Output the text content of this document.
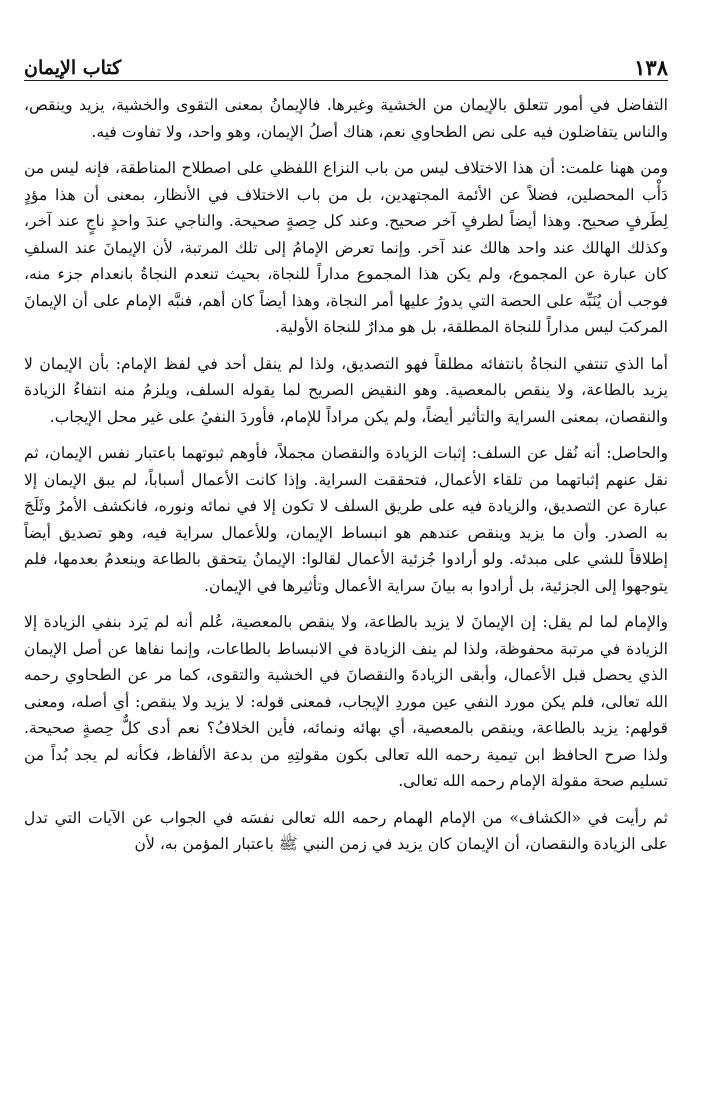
١٣٨
كتاب الإيمان

التفاضل في أمور تتعلق بالإيمان من الخشية وغيرها. فالإيمانُ بمعنى التقوى والخشية، يزيد وينقص، والناس يتفاضلون فيه على نص الطحاوي نعم، هناك أصلُ الإيمان، وهو واحد، ولا تفاوت فيه.

ومن ههنا علمت: أن هذا الاختلاف ليس من باب النزاع اللفظي على اصطلاح المناطقة، فإنه ليس من دَأْب المحصلين، فضلاً عن الأئمة المجتهدين، بل من باب الاختلاف في الأنظار، بمعنى أن هذا مؤدٍ لِطَرفٍ صحيح. وهذا أيضاً لطرفٍ آخر صحيح. وعند كل حِصةٍ صحيحة. والناجي عندَ واحدٍ ناجٍ عند آخر، وكذلك الهالك عند واحد هالك عند آخر. وإنما تعرض الإمامُ إلى تلك المرتبة، لأن الإيمانَ عند السلفِ كان عبارة عن المجموع، ولم يكن هذا المجموع مداراً للنجاة، بحيث تنعدم النجاةُ بانعدام جزء منه، فوجب أن يُنَبِّه على الحصة التي يدورُ عليها أمر النجاة، وهذا أيضاً كان أهم، فنبَّه الإمام على أن الإيمانَ المركبَ ليس مداراً للنجاة المطلقة، بل هو مدارٌ للنجاة الأولية.

أما الذي تنتفي النجاةُ بانتفائه مطلقاً فهو التصديق، ولذا لم ينقل أحد في لفظ الإمام: بأن الإيمان لا يزيد بالطاعة، ولا ينقص بالمعصية. وهو النقيض الصريح لما يقوله السلف، ويلزمُ منه انتفاءُ الزيادة والنقصان، بمعنى السراية والتأثير أيضاً، ولم يكن مراداً للإمام، فأوردَ النفيُ على غير محل الإيجاب.

والحاصل: أنه نُقل عن السلف: إثبات الزيادة والنقصان مجملاً، فأوهم ثبوتهما باعتبار نفس الإيمان، ثم نقل عنهم إثباتهما من تلقاء الأعمال، فتحققت السراية. وإذا كانت الأعمال أسباباً، لم يبق الإيمان إلا عبارة عن التصديق، والزيادة فيه على طريق السلف لا تكون إلا في نمائه ونوره، فانكشف الأمرُ وثَلَجَ به الصدر. وأن ما يزيد وينقص عندهم هو انبساط الإيمان، وللأعمال سراية فيه، وهو تصديق أيضاً إطلاقاً للشي على مبدئه. ولو أرادوا جُزئية الأعمال لقالوا: الإيمانُ يتحقق بالطاعة وينعدمُ بعدمها، فلم يتوجهوا إلى الجزئية، بل أرادوا به بيانَ سراية الأعمال وتأثيرها في الإيمان.

والإمام لما لم يقل: إن الإيمانَ لا يزيد بالطاعة، ولا ينقص بالمعصية، عُلم أنه لم يَرد بنفي الزيادة إلا الزيادة في مرتبة محفوظة، ولذا لم ينف الزيادة في الانبساط بالطاعات، وإنما نفاها عن أصل الإيمان الذي يحصل قبل الأعمال، وأبقى الزيادةَ والنقصانَ في الخشية والتقوى، كما مر عن الطحاوي رحمه الله تعالى، فلم يكن مورد النفي عين موردِ الإيجاب، فمعنى قوله: لا يزيد ولا ينقص: أي أصله، ومعنى قولهم: يزيد بالطاعة، وينقص بالمعصية، أي بهائه ونمائه، فأين الخلافُ؟ نعم أدى كلٌّ حِصةٍ صحيحة. ولذا صرح الحافظ ابن تيمية رحمه الله تعالى بكون مقولتِهِ من بدعة الألفاظ، فكأنه لم يجد بُداً من تسليم صحة مقولة الإمام رحمه الله تعالى.

ثم رأيت في «الكشاف» من الإمام الهمام رحمه الله تعالى نفسَه في الجواب عن الآيات التي تدل على الزيادة والنقصان، أن الإيمان كان يزيد في زمن النبي ﷺ باعتبار المؤمن به، لأن
